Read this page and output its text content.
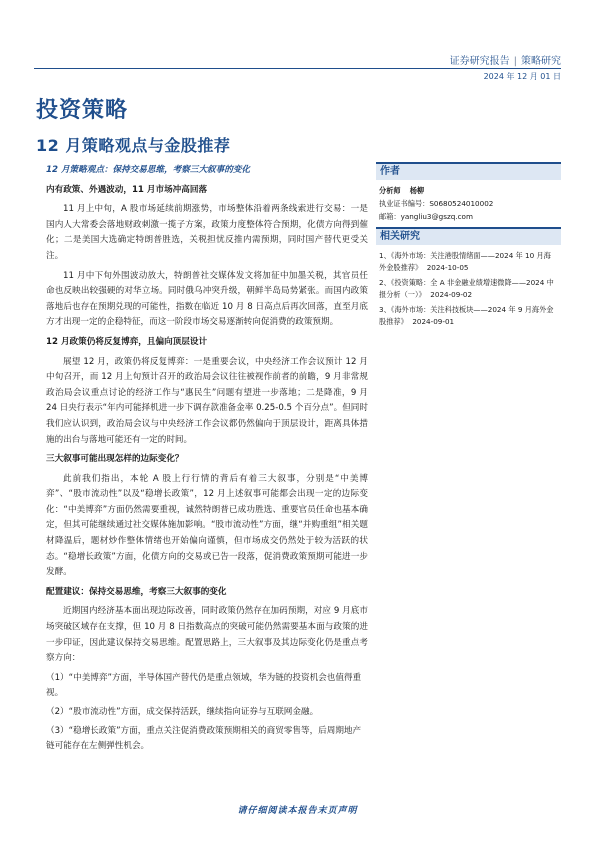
证券研究报告 | 策略研究
2024 年 12 月 01 日
投资策略
12 月策略观点与金股推荐
12 月策略观点：保持交易思维，考察三大叙事的变化
内有政策、外遇波动，11 月市场冲高回落
11 月上中旬，A 股市场延续前期涨势，市场整体沿着两条线索进行交易：一是国内人大常委会落地财政刺激一揽子方案，政策力度整体符合预期，化债方向得到催化；二是美国大选确定特朗普胜选，关税担忧反推内需预期，同时国产替代更受关注。
11 月中下旬外围波动放大，特朗普社交媒体发文将加征中加墨关税，其官员任命也反映出较强硬的对华立场。同时俄乌冲突升级，朝鲜半岛局势紧张。而国内政策落地后也存在预期兑现的可能性，指数在临近 10 月 8 日高点后再次回落，直至月底方才出现一定的企稳特征，而这一阶段市场交易逐渐转向促消费的政策预期。
12 月政策仍将反复博弈，且偏向顶层设计
展望 12 月，政策仍将反复博弈：一是重要会议，中央经济工作会议预计 12 月中旬召开，而 12 月上旬预计召开的政治局会议往往被视作前者的前瞻，9 月非常规政治局会议重点讨论的经济工作与“惠民生”问题有望进一步落地；二是降准，9 月 24 日央行表示“年内可能择机进一步下调存款准备金率 0.25-0.5 个百分点”。但同时我们应认识到，政治局会议与中央经济工作会议都仍然偏向于顶层设计，距离具体措施的出台与落地可能还有一定的时间。
三大叙事可能出现怎样的边际变化？
此前我们指出，本轮 A 股上行行情的背后有着三大叙事，分别是“中美博弈”、“股市流动性”以及“稳增长政策”，12 月上述叙事可能都会出现一定的边际变化：“中美博弈”方面仍然需要重视，诚然特朗普已成功胜选、重要官员任命也基本确定，但其可能继续通过社交媒体施加影响。“股市流动性”方面，继“并购重组”相关题材降温后，题材炒作整体情绪也开始偏向谨慎，但市场成交仍然处于较为活跃的状态。“稳增长政策”方面，化债方向的交易或已告一段落，促消费政策预期可能进一步发酵。
配置建议：保持交易思维，考察三大叙事的变化
近期国内经济基本面出现边际改善，同时政策仍然存在加码预期，对应 9 月底市场突破区域存在支撑，但 10 月 8 日指数高点的突破可能仍然需要基本面与政策的进一步印证，因此建议保持交易思维。配置思路上，三大叙事及其边际变化仍是重点考察方向：
（1）“中美博弈”方面，半导体国产替代仍是重点领域，华为链的投资机会也值得重视。
（2）“股市流动性”方面，成交保持活跃，继续指向证券与互联网金融。
（3）“稳增长政策”方面，重点关注促消费政策预期相关的商贸零售等，后周期地产链可能存在左侧弹性机会。
作者
分析师 杨柳
执业证书编号：S0680524010002
邮箱：yangliu3@gszq.com
相关研究
1、《海外市场：关注港股情绪面——2024 年 10 月海外金股推荐》 2024-10-05
2、《投资策略：全 A 非金融业绩增速微降——2024 中报分析（一）》 2024-09-02
3、《海外市场：关注科技板块——2024 年 9 月海外金股推荐》 2024-09-01
请仔细阅读本报告末页声明
